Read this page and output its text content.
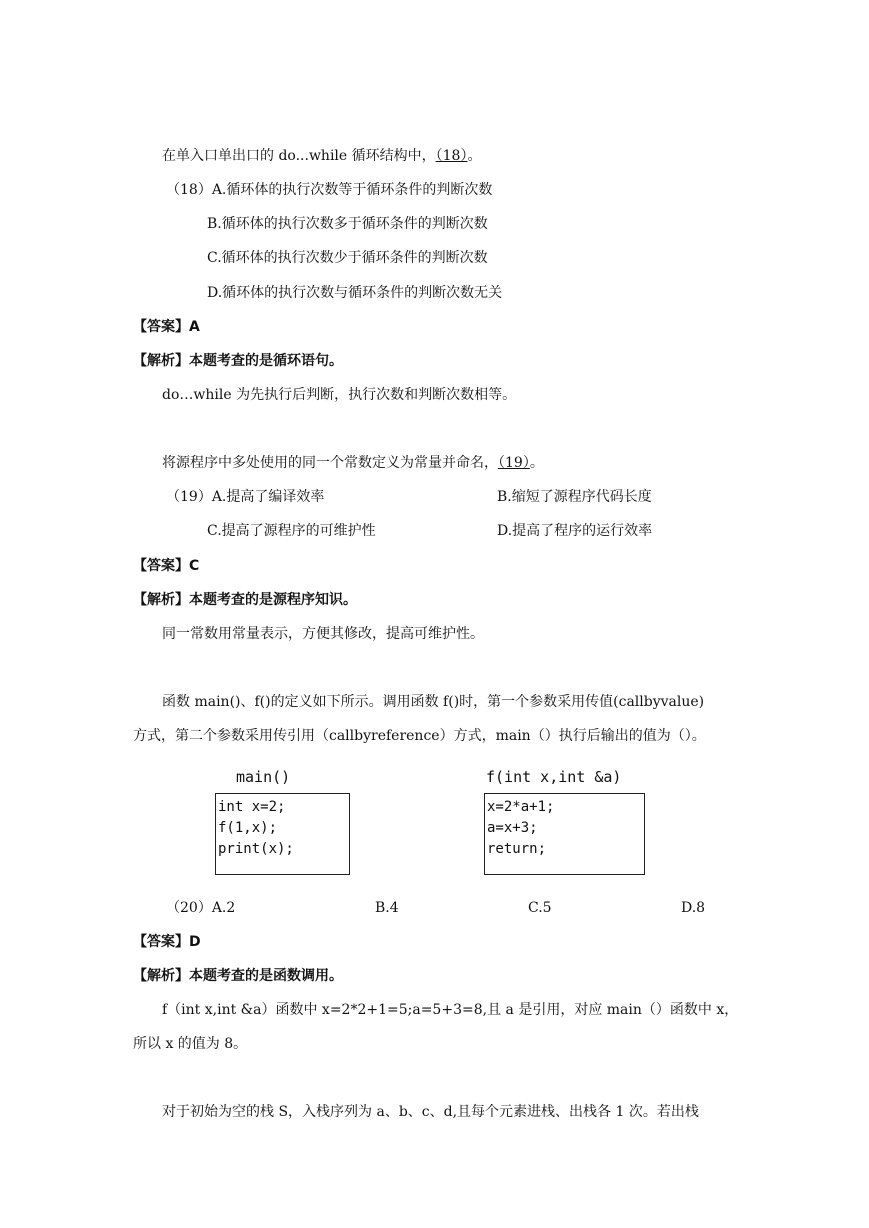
在单入口单出口的 do...while 循环结构中，（18）。
（18）A.循环体的执行次数等于循环条件的判断次数
B.循环体的执行次数多于循环条件的判断次数
C.循环体的执行次数少于循环条件的判断次数
D.循环体的执行次数与循环条件的判断次数无关
【答案】A
【解析】本题考查的是循环语句。
do…while 为先执行后判断，执行次数和判断次数相等。
将源程序中多处使用的同一个常数定义为常量并命名，（19）。
（19）A.提高了编译效率	B.缩短了源程序代码长度
C.提高了源程序的可维护性	D.提高了程序的运行效率
【答案】C
【解析】本题考查的是源程序知识。
同一常数用常量表示，方便其修改，提高可维护性。
函数 main()、f()的定义如下所示。调用函数 f()时，第一个参数采用传值(callbyvalue)
方式，第二个参数采用传引用（callbyreference）方式，main（）执行后输出的值为（）。
main()
int x=2;
f(1,x);
print(x);
f(int x,int &a)
x=2*a+1;
a=x+3;
return;
（20）A.2	B.4	C.5	D.8
【答案】D
【解析】本题考查的是函数调用。
f（int x,int &a）函数中 x=2*2+1=5;a=5+3=8,且 a 是引用，对应 main（）函数中 x，
所以 x 的值为 8。
对于初始为空的栈 S，入栈序列为 a、b、c、d,且每个元素进栈、出栈各 1 次。若出栈
